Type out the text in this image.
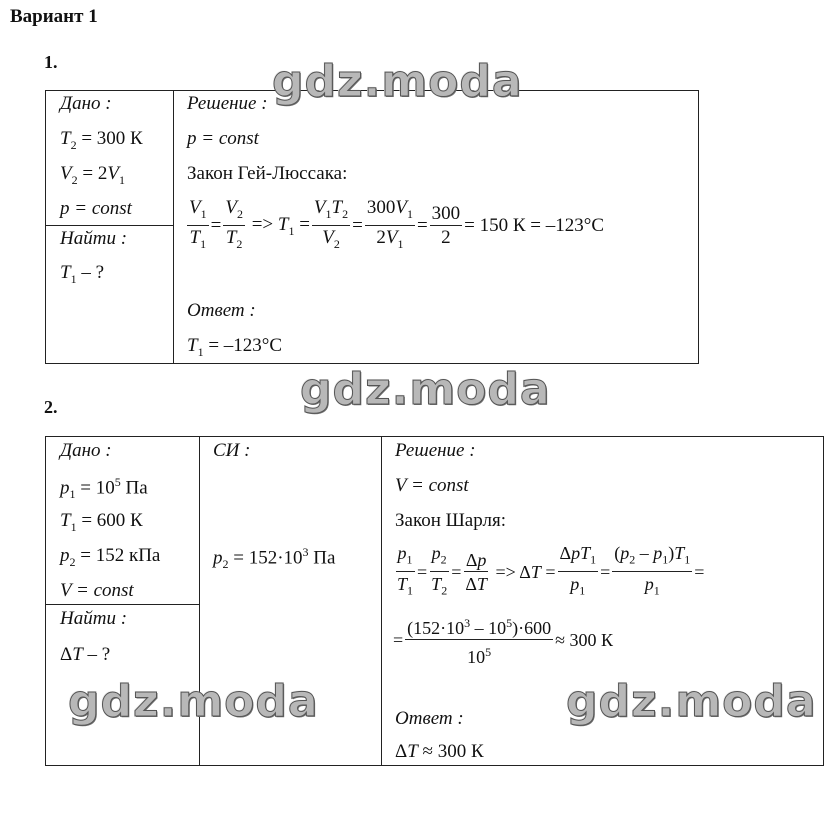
Вариант 1
1.
Дано :
$T_2 = 300$ К
$V_2 = 2V_1$
p = const
Найти :
$T_1$ – ?
Решение :
p = const
Закон Гей-Люссака:
$\frac{V_1}{T_1} = \frac{V_2}{T_2} => T_1 = \frac{V_1T_2}{V_2} = \frac{300V_1}{2V_1} = \frac{300}{2} = 150$ К = –123°С
Ответ :
$T_1 = -123^\circ С$
2.
Дано :
$p_1 = 10^5$ Па
$T_1 = 600$ К
$p_2 = 152$ кПа
V = const
Найти :
ΔT – ?
СИ :
$p_2 = 152\cdot 10^3$ Па
Решение :
V = const
Закон Шарля:
$\frac{p_1}{T_1} = \frac{p_2}{T_2} = \frac{\Delta p}{\Delta T} => \Delta T = \frac{\Delta pT_1}{p_1} = \frac{(p_2 - p_1)T_1}{p_1}$ =
= $\frac{(152\cdot 10^3 - 10^5)\cdot 600}{10^5} \approx 300$ К
Ответ :
ΔT ≈ 300 К
gdz.moda
gdz.moda
gdz.moda	gdz.moda
